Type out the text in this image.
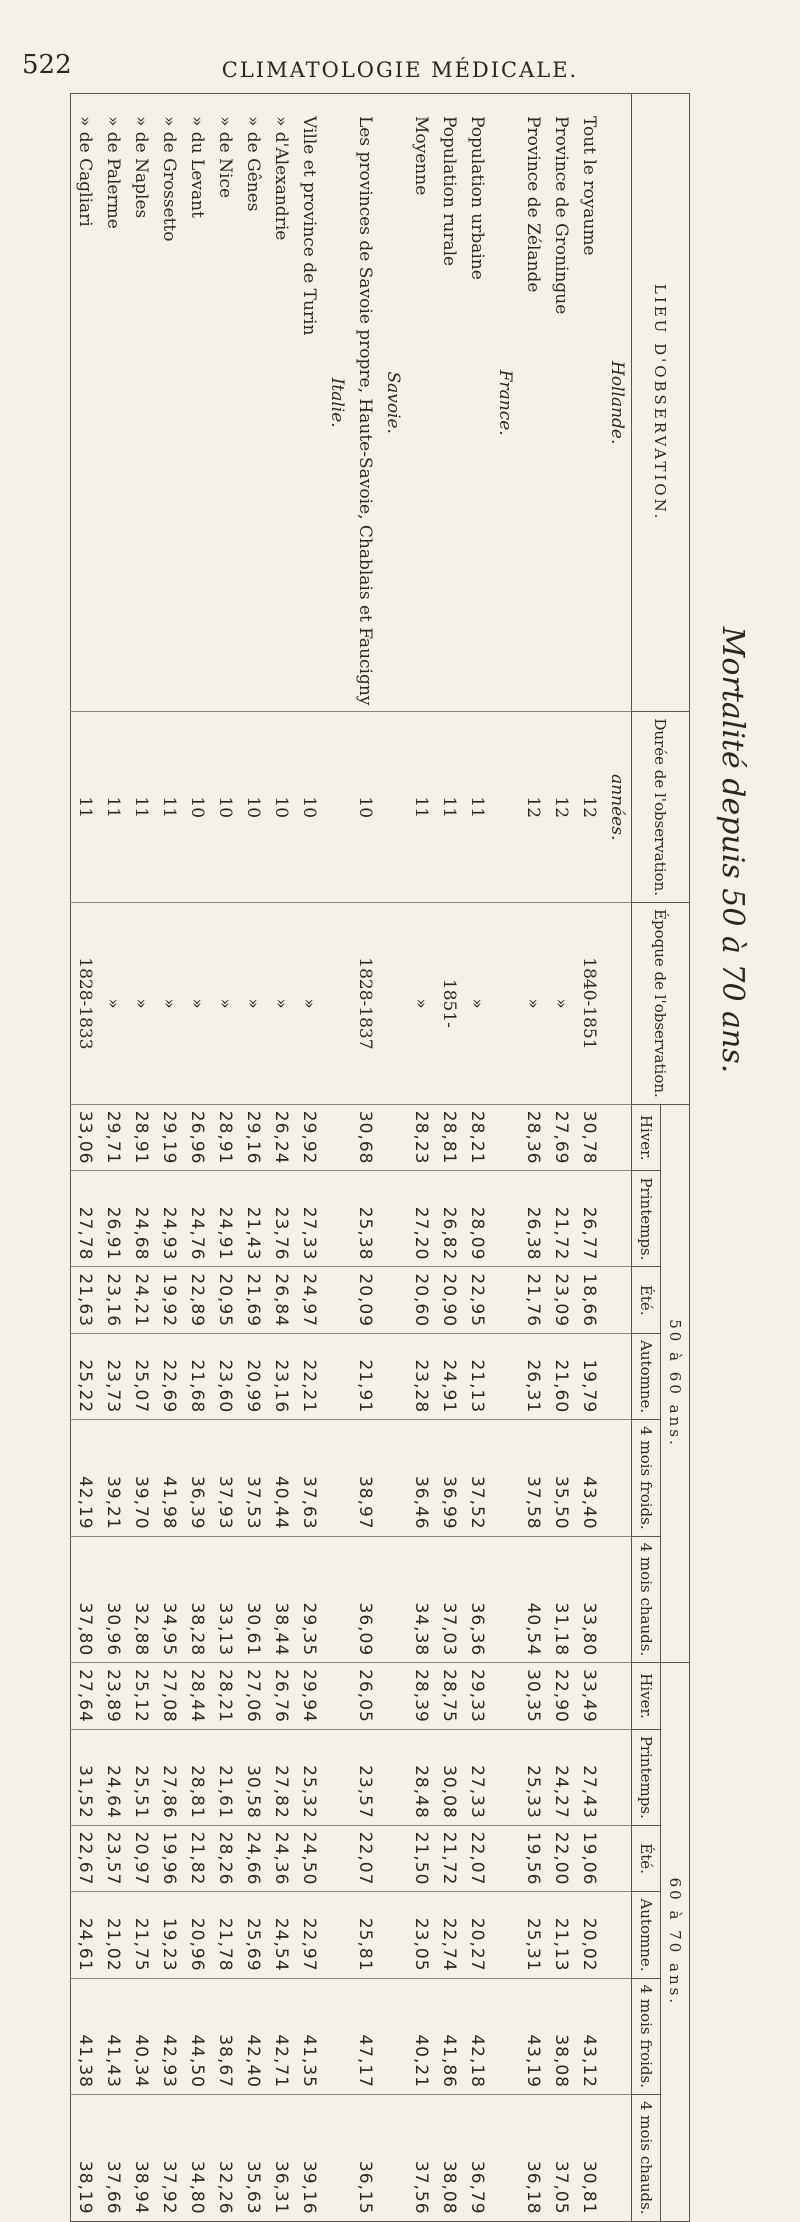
522	CLIMATOLOGIE MÉDICALE.
Mortalité depuis 50 à 70 ans.
LIEU D'OBSERVATION.	Durée de l'observation.	Époque de l'observation.	50 à 60 ans.						60 à 70 ans.					
			Hiver.	Printemps.	Été.	Automne.	4 mois froids.	4 mois chauds.	Hiver.	Printemps.	Été.	Automne.	4 mois froids.	4 mois chauds.
Hollande.	années.													
Tout le royaume	12	1840-1851	30,78	26,77	18,66	19,79	43,40	33,80	33,49	27,43	19,06	20,02	43,12	30,81
Province de Groningue	12	»	27,69	21,72	23,09	21,60	35,50	31,18	22,90	24,27	22,00	21,13	38,08	37,05
Province de Zélande	12	»	28,36	26,38	21,76	26,31	37,58	40,54	30,35	25,33	19,56	25,31	43,19	36,18
France.														
Population urbaine	11	»	28,21	28,09	22,95	21,13	37,52	36,36	29,33	27,33	22,07	20,27	42,18	36,79
Population rurale	11	1851-	28,81	26,82	20,90	24,91	36,99	37,03	28,75	30,08	21,72	22,74	41,86	38,08
Moyenne	11	»	28,23	27,20	20,60	23,28	36,46	34,38	28,39	28,48	21,50	23,05	40,21	37,56
Savoie.														
Les provinces de Savoie propre, Haute-Savoie, Chablais et Faucigny	10	1828-1837	30,68	25,38	20,09	21,91	38,97	36,09	26,05	23,57	22,07	25,81	47,17	36,15
Italie.														
Ville et province de Turin	10	»	29,92	27,33	24,97	22,21	37,63	29,35	29,94	25,32	24,50	22,97	41,35	39,16
» d'Alexandrie	10	»	26,24	23,76	26,84	23,16	40,44	38,44	26,76	27,82	24,36	24,54	42,71	36,31
» de Gênes	10	»	29,16	21,43	21,69	20,99	37,53	30,61	27,06	30,58	24,66	25,69	42,40	35,63
» de Nice	10	»	28,91	24,91	20,95	23,60	37,93	33,13	28,21	21,61	28,26	21,78	38,67	32,26
» du Levant	10	»	26,96	24,76	22,89	21,68	36,39	38,28	28,44	28,81	21,82	20,96	44,50	34,80
» de Grossetto	11	»	29,19	24,93	19,92	22,69	41,98	34,95	27,08	27,86	19,96	19,23	42,93	37,92
» de Naples	11	»	28,91	24,68	24,21	25,07	39,70	32,88	25,12	25,51	20,97	21,75	40,34	38,94
» de Palerme	11	»	29,71	26,91	23,16	23,73	39,21	30,96	23,89	24,64	23,57	21,02	41,43	37,66
» de Cagliari	11	1828-1833	33,06	27,78	21,63	25,22	42,19	37,80	27,64	31,52	22,67	24,61	41,38	38,19
